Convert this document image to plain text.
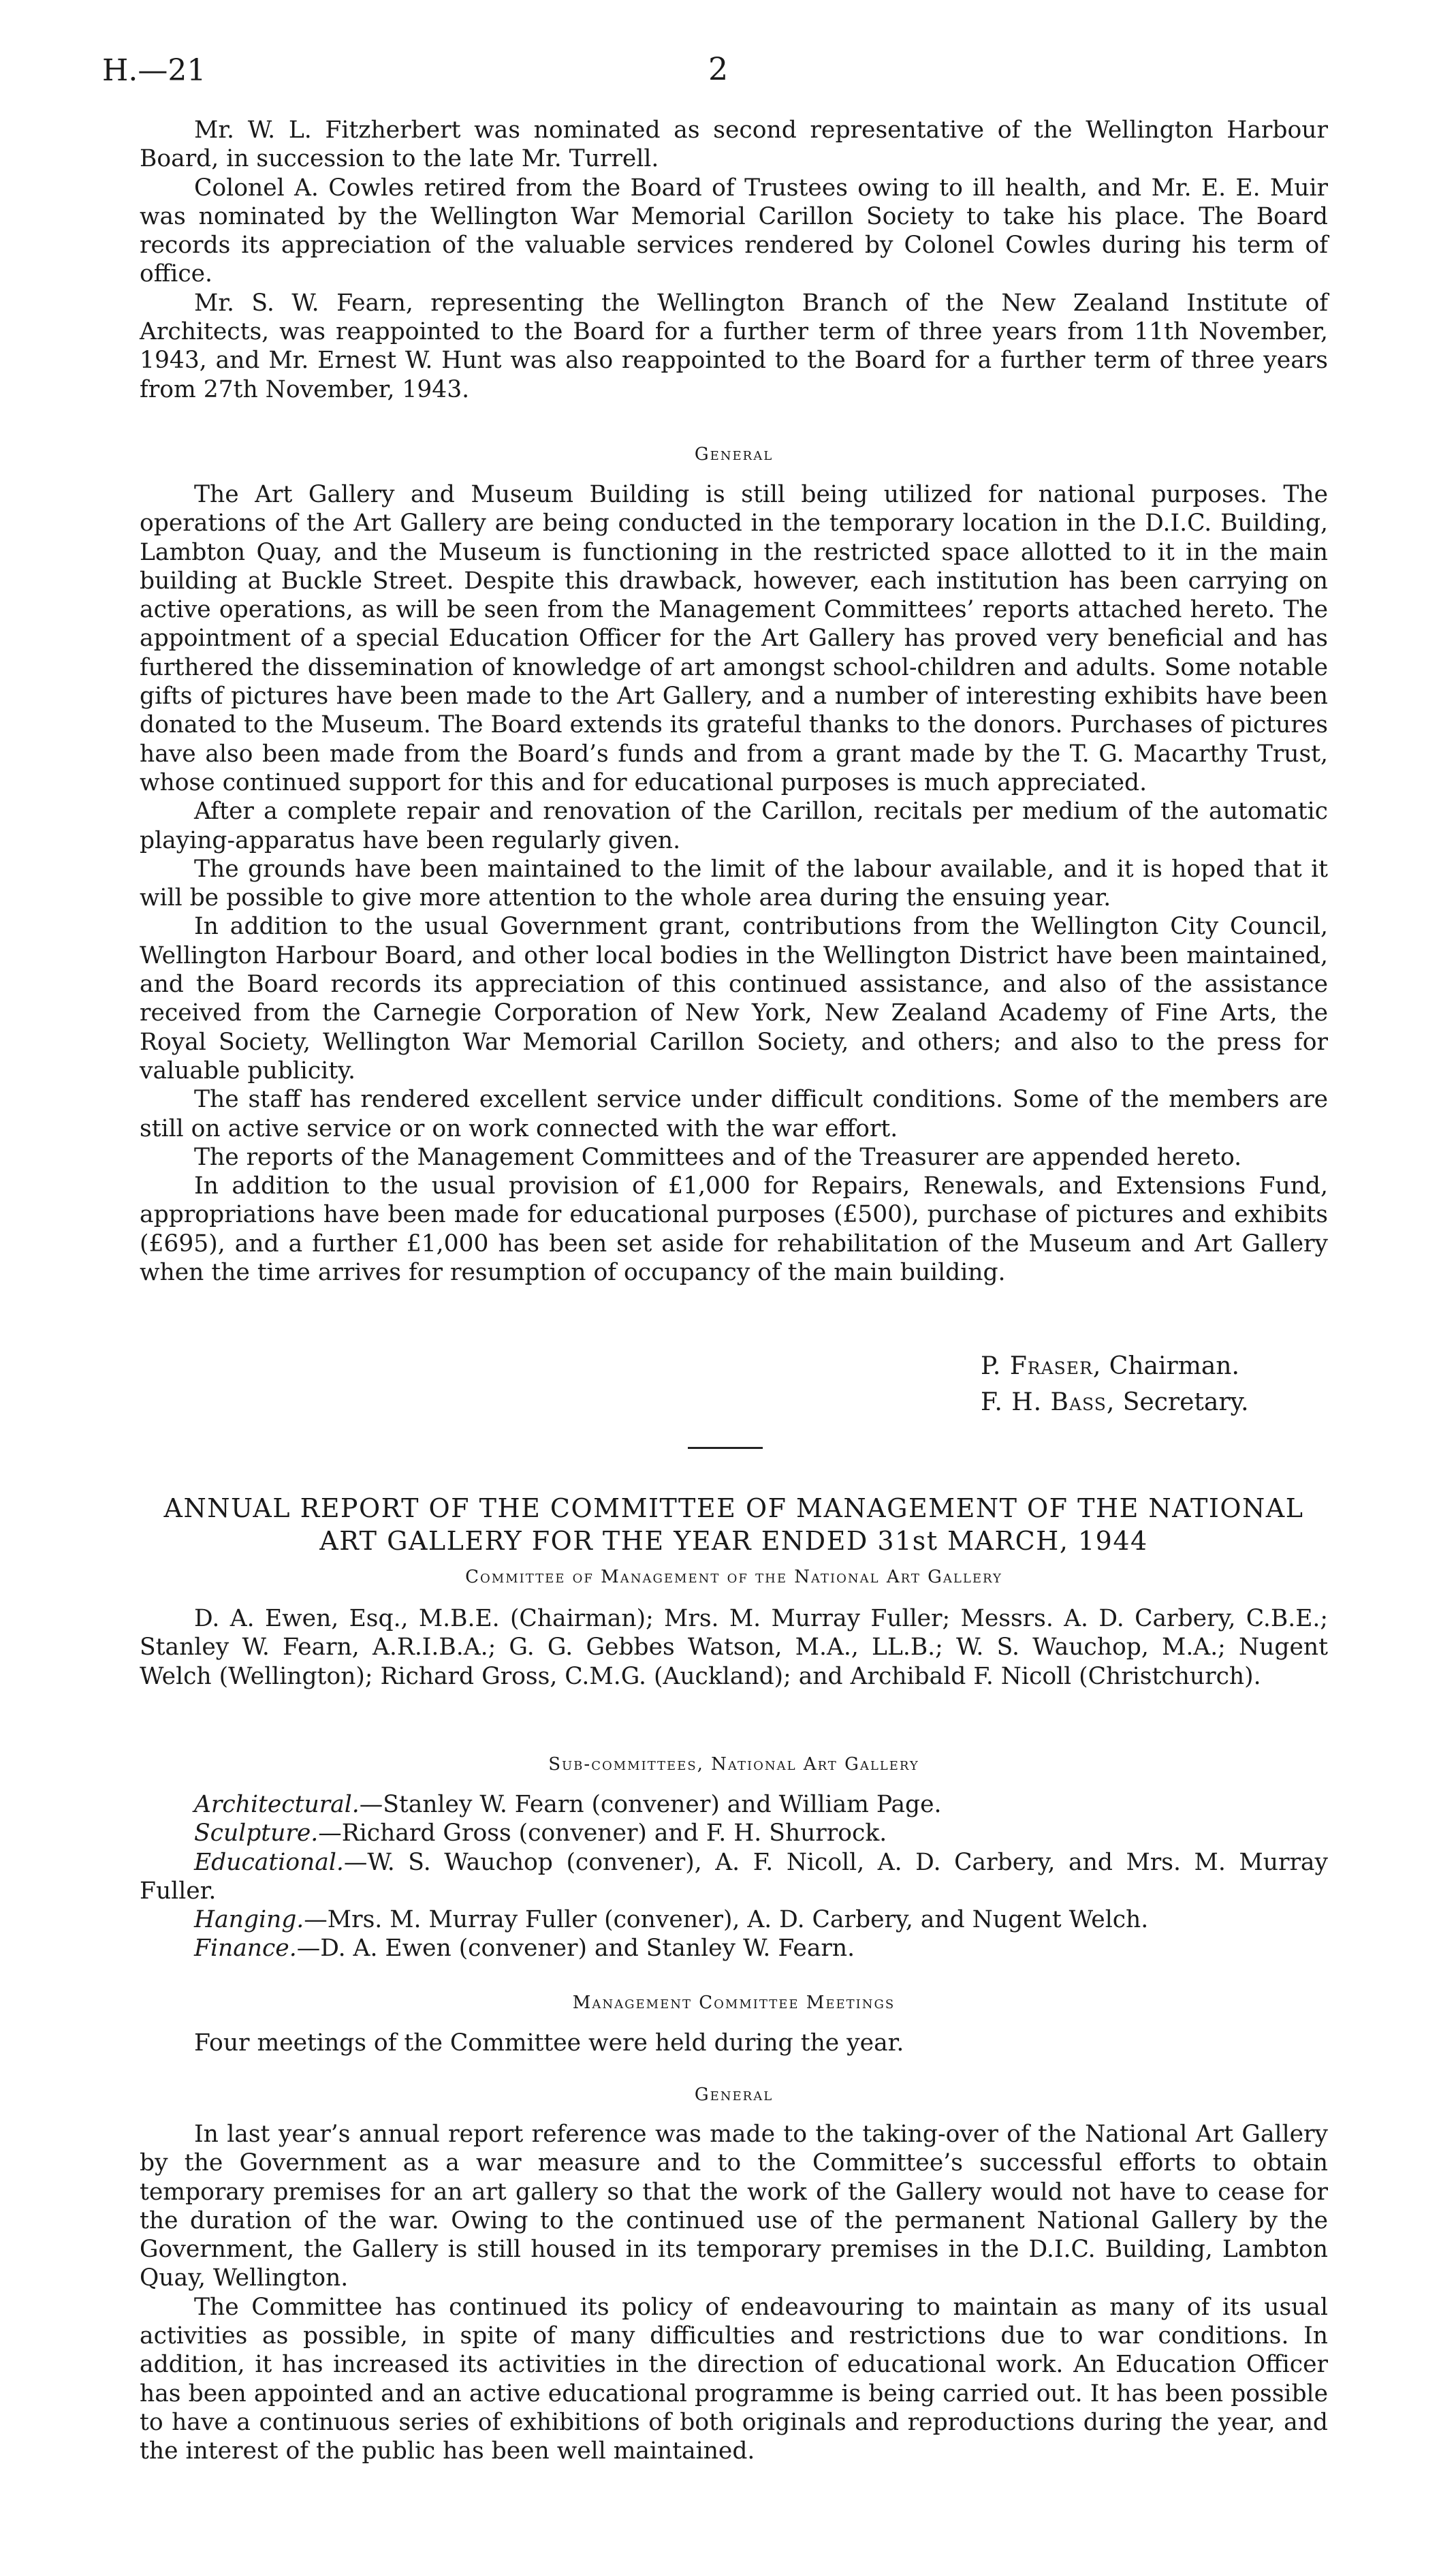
H.—21	2

Mr. W. L. Fitzherbert was nominated as second representative of the Wellington Harbour Board, in succession to the late Mr. Turrell.

Colonel A. Cowles retired from the Board of Trustees owing to ill health, and Mr. E. E. Muir was nominated by the Wellington War Memorial Carillon Society to take his place. The Board records its appreciation of the valuable services rendered by Colonel Cowles during his term of office.

Mr. S. W. Fearn, representing the Wellington Branch of the New Zealand Institute of Architects, was reappointed to the Board for a further term of three years from 11th November, 1943, and Mr. Ernest W. Hunt was also reappointed to the Board for a further term of three years from 27th November, 1943.

General

The Art Gallery and Museum Building is still being utilized for national purposes. The operations of the Art Gallery are being conducted in the temporary location in the D.I.C. Building, Lambton Quay, and the Museum is functioning in the restricted space allotted to it in the main building at Buckle Street. Despite this drawback, however, each institution has been carrying on active operations, as will be seen from the Management Committees’ reports attached hereto. The appointment of a special Education Officer for the Art Gallery has proved very beneficial and has furthered the dissemination of knowledge of art amongst school-children and adults. Some notable gifts of pictures have been made to the Art Gallery, and a number of interesting exhibits have been donated to the Museum. The Board extends its grateful thanks to the donors. Purchases of pictures have also been made from the Board’s funds and from a grant made by the T. G. Macarthy Trust, whose continued support for this and for educational purposes is much appreciated.

After a complete repair and renovation of the Carillon, recitals per medium of the automatic playing-apparatus have been regularly given.

The grounds have been maintained to the limit of the labour available, and it is hoped that it will be possible to give more attention to the whole area during the ensuing year.

In addition to the usual Government grant, contributions from the Wellington City Council, Wellington Harbour Board, and other local bodies in the Wellington District have been maintained, and the Board records its appreciation of this continued assistance, and also of the assistance received from the Carnegie Corporation of New York, New Zealand Academy of Fine Arts, the Royal Society, Wellington War Memorial Carillon Society, and others; and also to the press for valuable publicity.

The staff has rendered excellent service under difficult conditions. Some of the members are still on active service or on work connected with the war effort.

The reports of the Management Committees and of the Treasurer are appended hereto.

In addition to the usual provision of £1,000 for Repairs, Renewals, and Extensions Fund, appropriations have been made for educational purposes (£500), purchase of pictures and exhibits (£695), and a further £1,000 has been set aside for rehabilitation of the Museum and Art Gallery when the time arrives for resumption of occupancy of the main building.

P. Fraser, Chairman.
F. H. Bass, Secretary.
ANNUAL REPORT OF THE COMMITTEE OF MANAGEMENT OF THE NATIONAL
ART GALLERY FOR THE YEAR ENDED 31st MARCH, 1944
Committee of Management of the National Art Gallery

D. A. Ewen, Esq., M.B.E. (Chairman); Mrs. M. Murray Fuller; Messrs. A. D. Carbery, C.B.E.; Stanley W. Fearn, A.R.I.B.A.; G. G. Gebbes Watson, M.A., LL.B.; W. S. Wauchop, M.A.; Nugent Welch (Wellington); Richard Gross, C.M.G. (Auckland); and Archibald F. Nicoll (Christchurch).

Sub-committees, National Art Gallery

Architectural.—Stanley W. Fearn (convener) and William Page.

Sculpture.—Richard Gross (convener) and F. H. Shurrock.

Educational.—W. S. Wauchop (convener), A. F. Nicoll, A. D. Carbery, and Mrs. M. Murray Fuller.

Hanging.—Mrs. M. Murray Fuller (convener), A. D. Carbery, and Nugent Welch.

Finance.—D. A. Ewen (convener) and Stanley W. Fearn.

Management Committee Meetings

Four meetings of the Committee were held during the year.

General

In last year’s annual report reference was made to the taking-over of the National Art Gallery by the Government as a war measure and to the Committee’s successful efforts to obtain temporary premises for an art gallery so that the work of the Gallery would not have to cease for the duration of the war. Owing to the continued use of the permanent National Gallery by the Government, the Gallery is still housed in its temporary premises in the D.I.C. Building, Lambton Quay, Wellington.

The Committee has continued its policy of endeavouring to maintain as many of its usual activities as possible, in spite of many difficulties and restrictions due to war conditions. In addition, it has increased its activities in the direction of educational work. An Education Officer has been appointed and an active educational programme is being carried out. It has been possible to have a continuous series of exhibitions of both originals and reproductions during the year, and the interest of the public has been well maintained.
